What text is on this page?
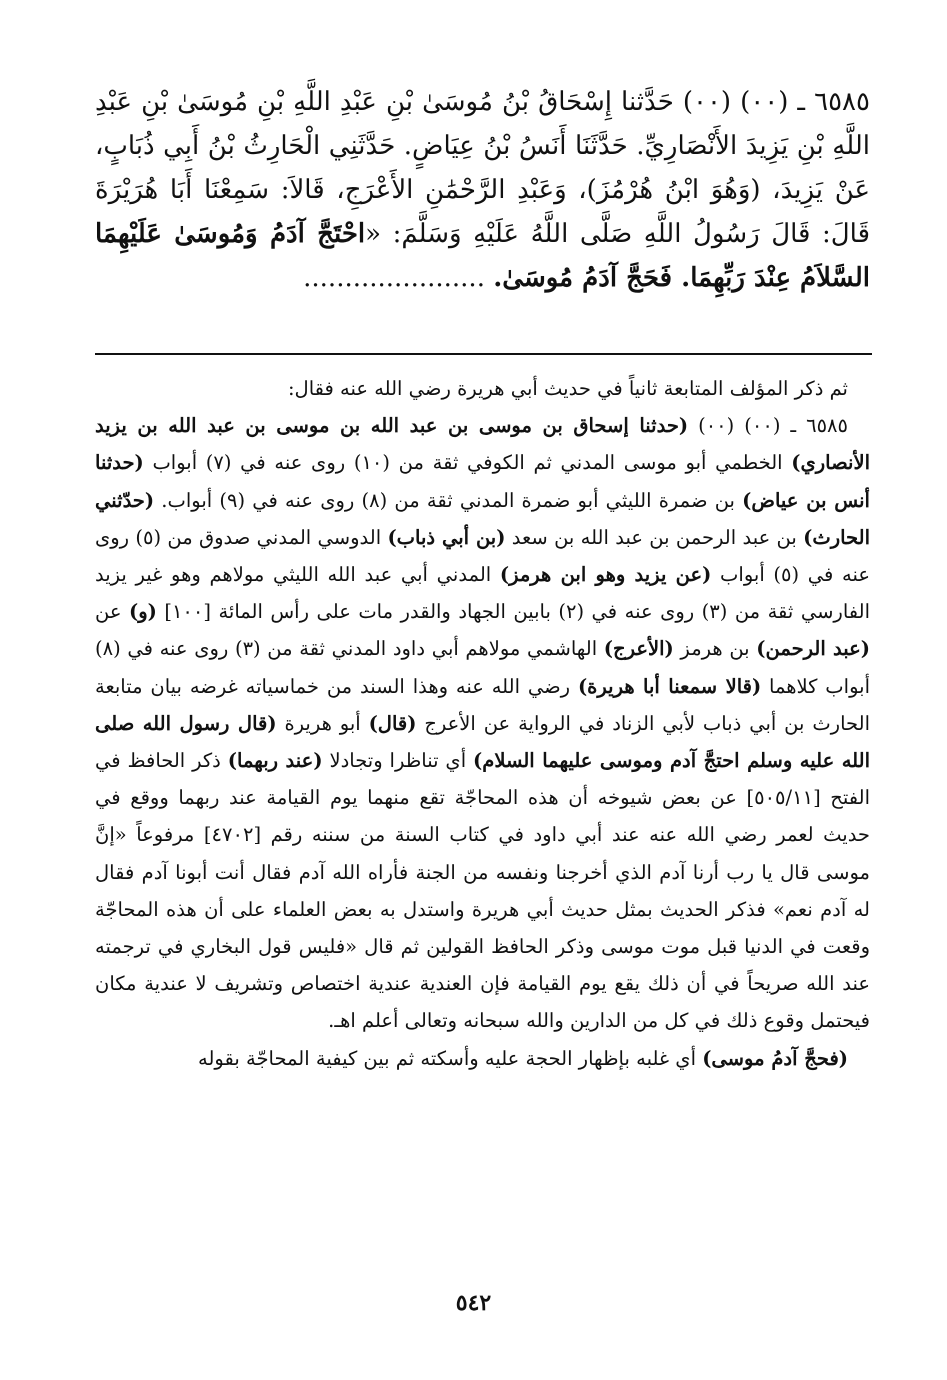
٦٥٨٥ ـ (٠٠) (٠٠) حَدَّثنا إِسْحَاقُ بْنُ مُوسَىٰ بْنِ عَبْدِ اللَّهِ بْنِ مُوسَىٰ بْنِ عَبْدِ اللَّهِ بْنِ يَزِيدَ الأَنْصَارِيِّ. حَدَّثَنَا أَنَسُ بْنُ عِيَاضٍ. حَدَّثَنِي الْحَارِثُ بْنُ أَبِي ذُبَابٍ، عَنْ يَزِيدَ، (وَهُوَ ابْنُ هُرْمُزَ)، وَعَبْدِ الرَّحْمَٰنِ الأَعْرَجِ، قَالاَ: سَمِعْنَا أَبَا هُرَيْرَةَ قَالَ: قَالَ رَسُولُ اللَّهِ صَلَّى اللَّهُ عَلَيْهِ وَسَلَّمَ: «احْتَجَّ آدَمُ وَمُوسَىٰ عَلَيْهِمَا السَّلاَمُ عِنْدَ رَبِّهِمَا. فَحَجَّ آدَمُ مُوسَىٰ. ......................

ثم ذكر المؤلف المتابعة ثانياً في حديث أبي هريرة رضي الله عنه فقال:

٦٥٨٥ ـ (٠٠) (٠٠) (حدثنا إسحاق بن موسى بن عبد الله بن موسى بن عبد الله بن يزيد الأنصاري) الخطمي أبو موسى المدني ثم الكوفي ثقة من (١٠) روى عنه في (٧) أبواب (حدثنا أنس بن عياض) بن ضمرة الليثي أبو ضمرة المدني ثقة من (٨) روى عنه في (٩) أبواب. (حدّثني الحارث) بن عبد الرحمن بن عبد الله بن سعد (بن أبي ذباب) الدوسي المدني صدوق من (٥) روى عنه في (٥) أبواب (عن يزيد وهو ابن هرمز) المدني أبي عبد الله الليثي مولاهم وهو غير يزيد الفارسي ثقة من (٣) روى عنه في (٢) بابين الجهاد والقدر مات على رأس المائة [١٠٠] (و) عن (عبد الرحمن) بن هرمز (الأعرج) الهاشمي مولاهم أبي داود المدني ثقة من (٣) روى عنه في (٨) أبواب كلاهما (قالا سمعنا أبا هريرة) رضي الله عنه وهذا السند من خماسياته غرضه بيان متابعة الحارث بن أبي ذباب لأبي الزناد في الرواية عن الأعرج (قال) أبو هريرة (قال رسول الله صلى الله عليه وسلم احتجَّ آدم وموسى عليهما السلام) أي تناظرا وتجادلا (عند ربهما) ذكر الحافظ في الفتح [٥٠٥/١١] عن بعض شيوخه أن هذه المحاجّة تقع منهما يوم القيامة عند ربهما ووقع في حديث لعمر رضي الله عنه عند أبي داود في كتاب السنة من سننه رقم [٤٧٠٢] مرفوعاً «إنَّ موسى قال يا رب أرنا آدم الذي أخرجنا ونفسه من الجنة فأراه الله آدم فقال أنت أبونا آدم فقال له آدم نعم» فذكر الحديث بمثل حديث أبي هريرة واستدل به بعض العلماء على أن هذه المحاجّة وقعت في الدنيا قبل موت موسى وذكر الحافظ القولين ثم قال «فليس قول البخاري في ترجمته عند الله صريحاً في أن ذلك يقع يوم القيامة فإن العندية عندية اختصاص وتشريف لا عندية مكان فيحتمل وقوع ذلك في كل من الدارين والله سبحانه وتعالى أعلم اهـ.

(فحجَّ آدمُ موسى) أي غلبه بإظهار الحجة عليه وأسكته ثم بين كيفية المحاجّة بقوله

٥٤٢
